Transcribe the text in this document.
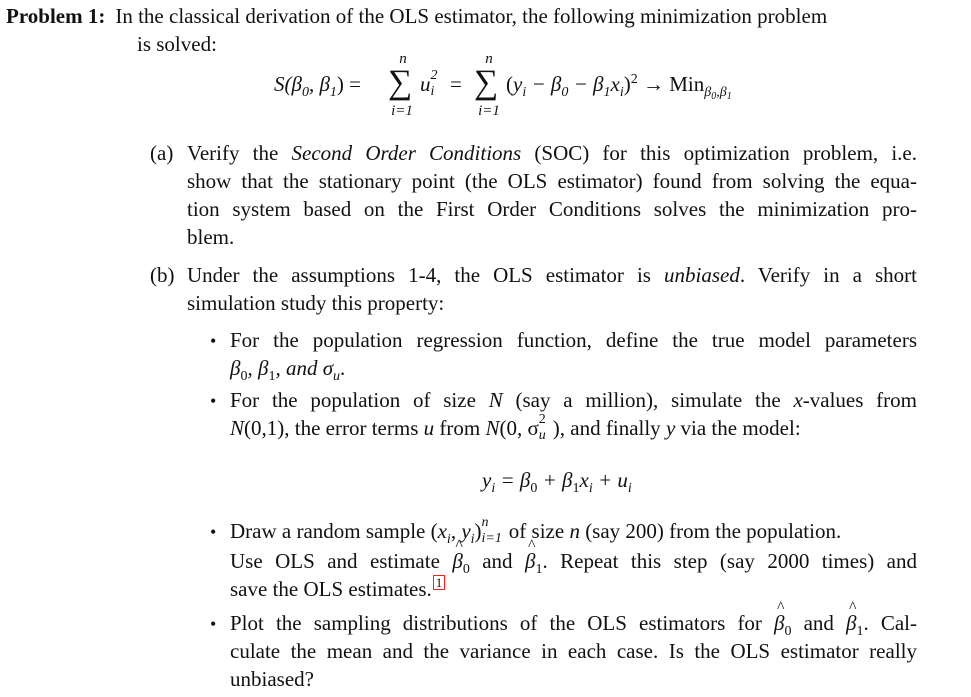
Problem 1: In the classical derivation of the OLS estimator, the following minimization problem
is solved:
$S(\beta_0$, $\beta_1$) =
n
∑
i=1
u 2
i =
n
∑
i=1
$(y_i - \beta_0 - \beta_1x_i)^2 \to Min_{\beta_0,\beta_1}$
(a) Verify the Second Order Conditions (SOC) for this optimization problem, i.e.
show that the stationary point (the OLS estimator) found from solving the equa-
tion system based on the First Order Conditions solves the minimization pro-
blem.
(b) Under the assumptions 1-4, the OLS estimator is unbiased. Verify in a short
simulation study this property:
• For the population regression function, define the true model parameters
$\beta_0$, $\beta_1$, and $\sigma_u$.
• For the population of size N (say a million), simulate the x-values from
N(0,1), the error terms u from N(0, σ 2
u ), and finally y via the model:
$y_i = \beta_0 + \beta_1x_i + u_i$
• Draw a random sample ($x_i$, $y_i$) n
i=1 of size n (say 200) from the population.
Use OLS and estimate ^ $\beta_0$ and ^ $\beta_1$. Repeat this step (say 2000 times) and
save the OLS estimates. 1
• Plot the sampling distributions of the OLS estimators for ^ $\beta_0$ and ^ $\beta_1$. Cal-
culate the mean and the variance in each case. Is the OLS estimator really
unbiased?
